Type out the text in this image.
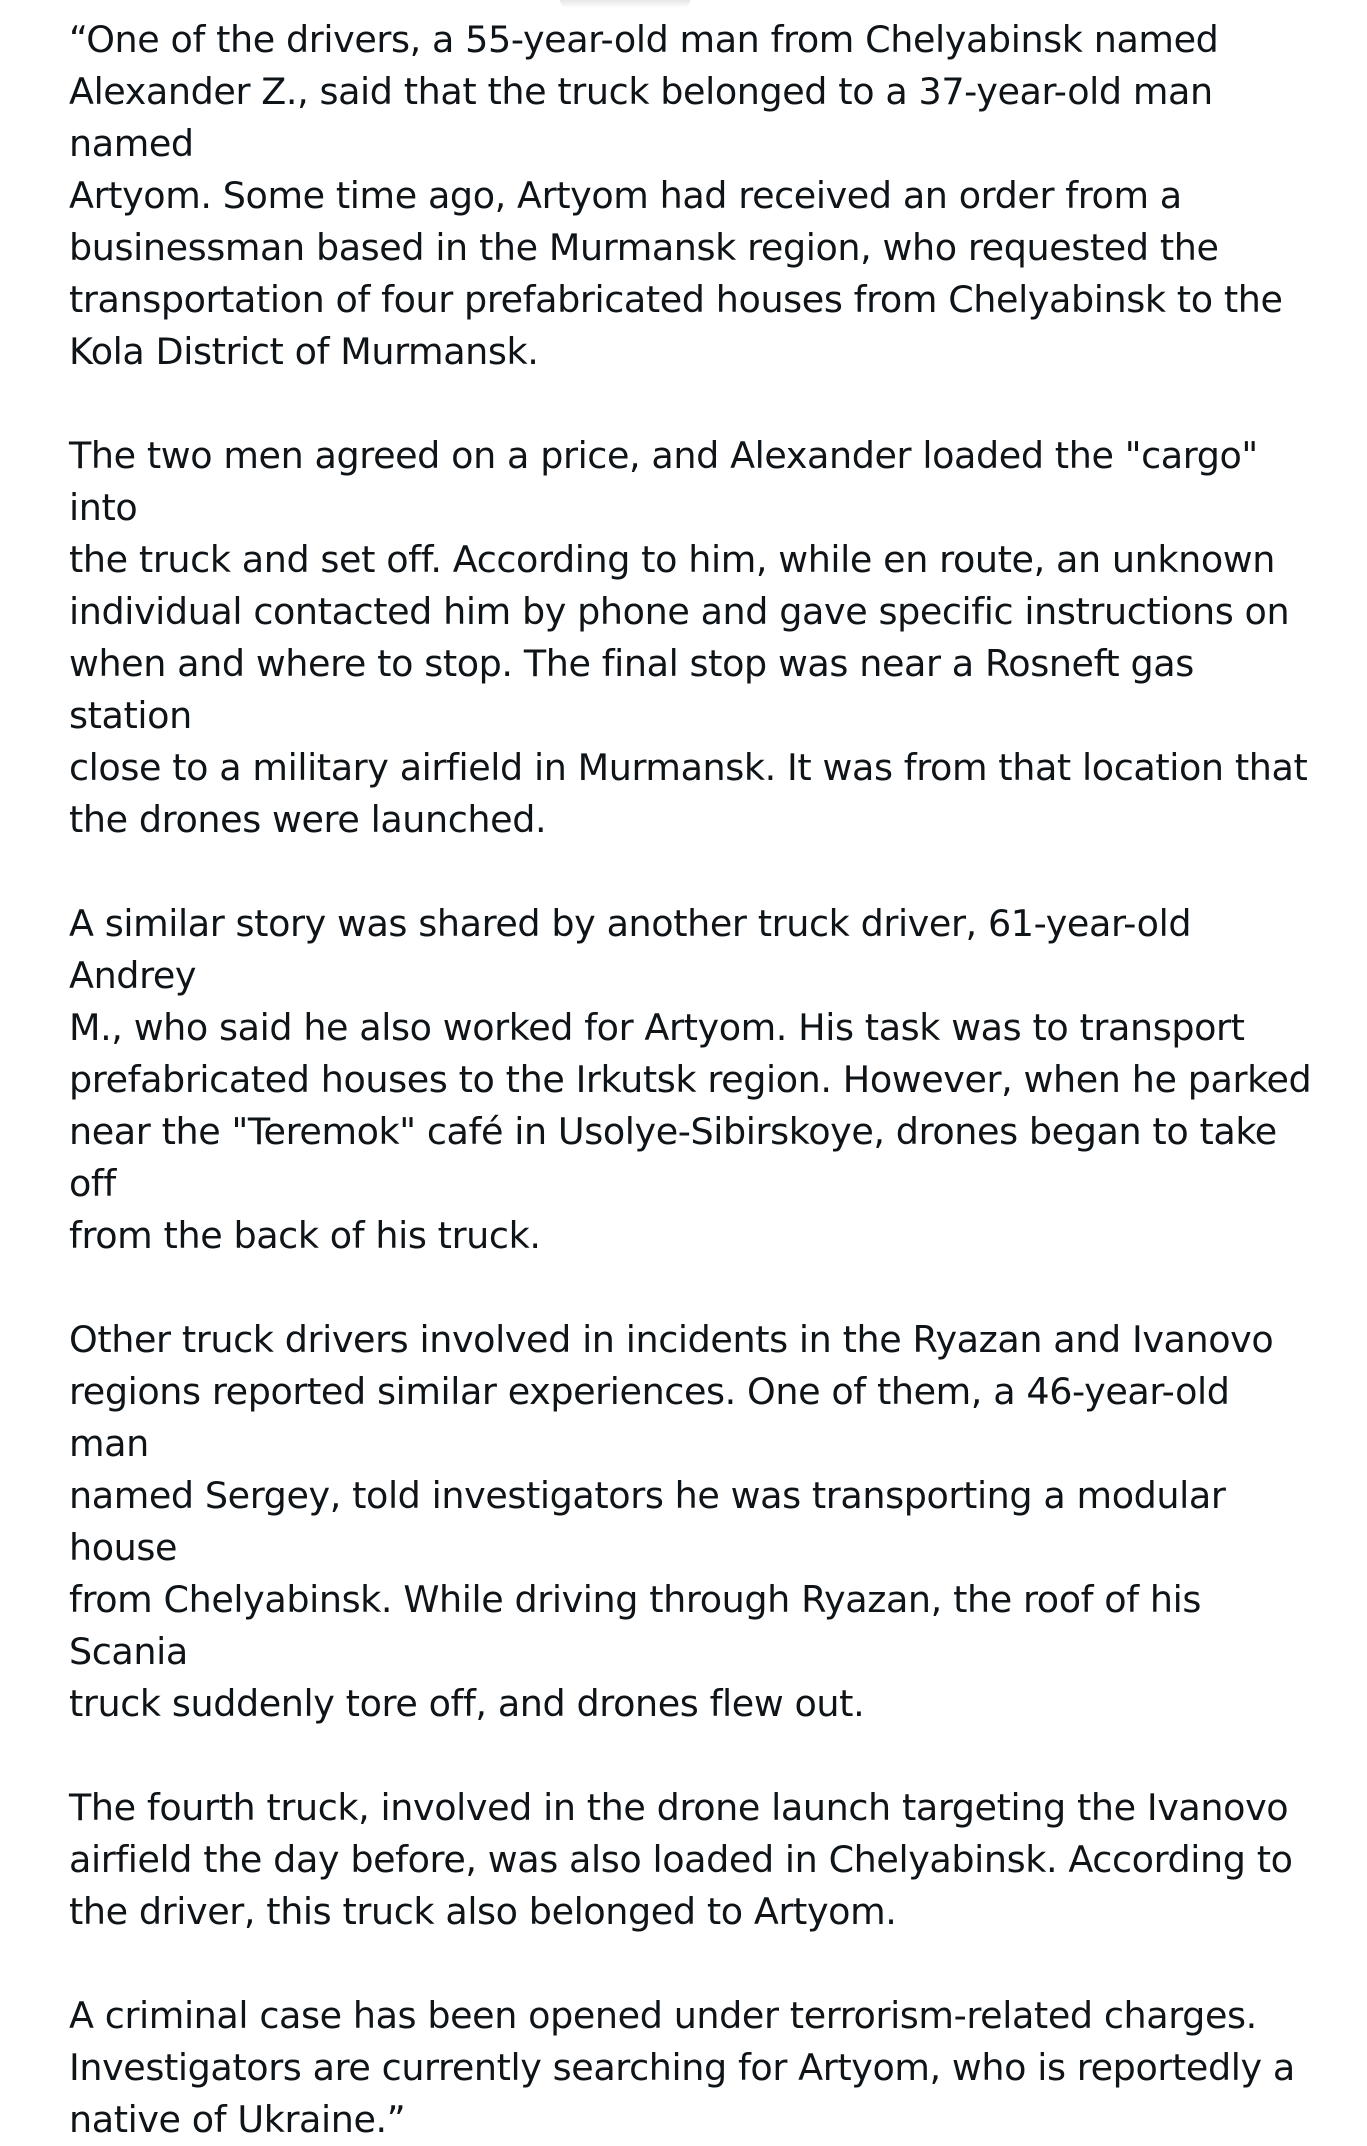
“One of the drivers, a 55-year-old man from Chelyabinsk named
Alexander Z., said that the truck belonged to a 37-year-old man named
Artyom. Some time ago, Artyom had received an order from a
businessman based in the Murmansk region, who requested the
transportation of four prefabricated houses from Chelyabinsk to the
Kola District of Murmansk.

The two men agreed on a price, and Alexander loaded the "cargo" into
the truck and set off. According to him, while en route, an unknown
individual contacted him by phone and gave specific instructions on
when and where to stop. The final stop was near a Rosneft gas station
close to a military airfield in Murmansk. It was from that location that
the drones were launched.

A similar story was shared by another truck driver, 61-year-old Andrey
M., who said he also worked for Artyom. His task was to transport
prefabricated houses to the Irkutsk region. However, when he parked
near the "Teremok" café in Usolye-Sibirskoye, drones began to take off
from the back of his truck.

Other truck drivers involved in incidents in the Ryazan and Ivanovo
regions reported similar experiences. One of them, a 46-year-old man
named Sergey, told investigators he was transporting a modular house
from Chelyabinsk. While driving through Ryazan, the roof of his Scania
truck suddenly tore off, and drones flew out.

The fourth truck, involved in the drone launch targeting the Ivanovo
airfield the day before, was also loaded in Chelyabinsk. According to
the driver, this truck also belonged to Artyom.

A criminal case has been opened under terrorism-related charges.
Investigators are currently searching for Artyom, who is reportedly a
native of Ukraine.”
